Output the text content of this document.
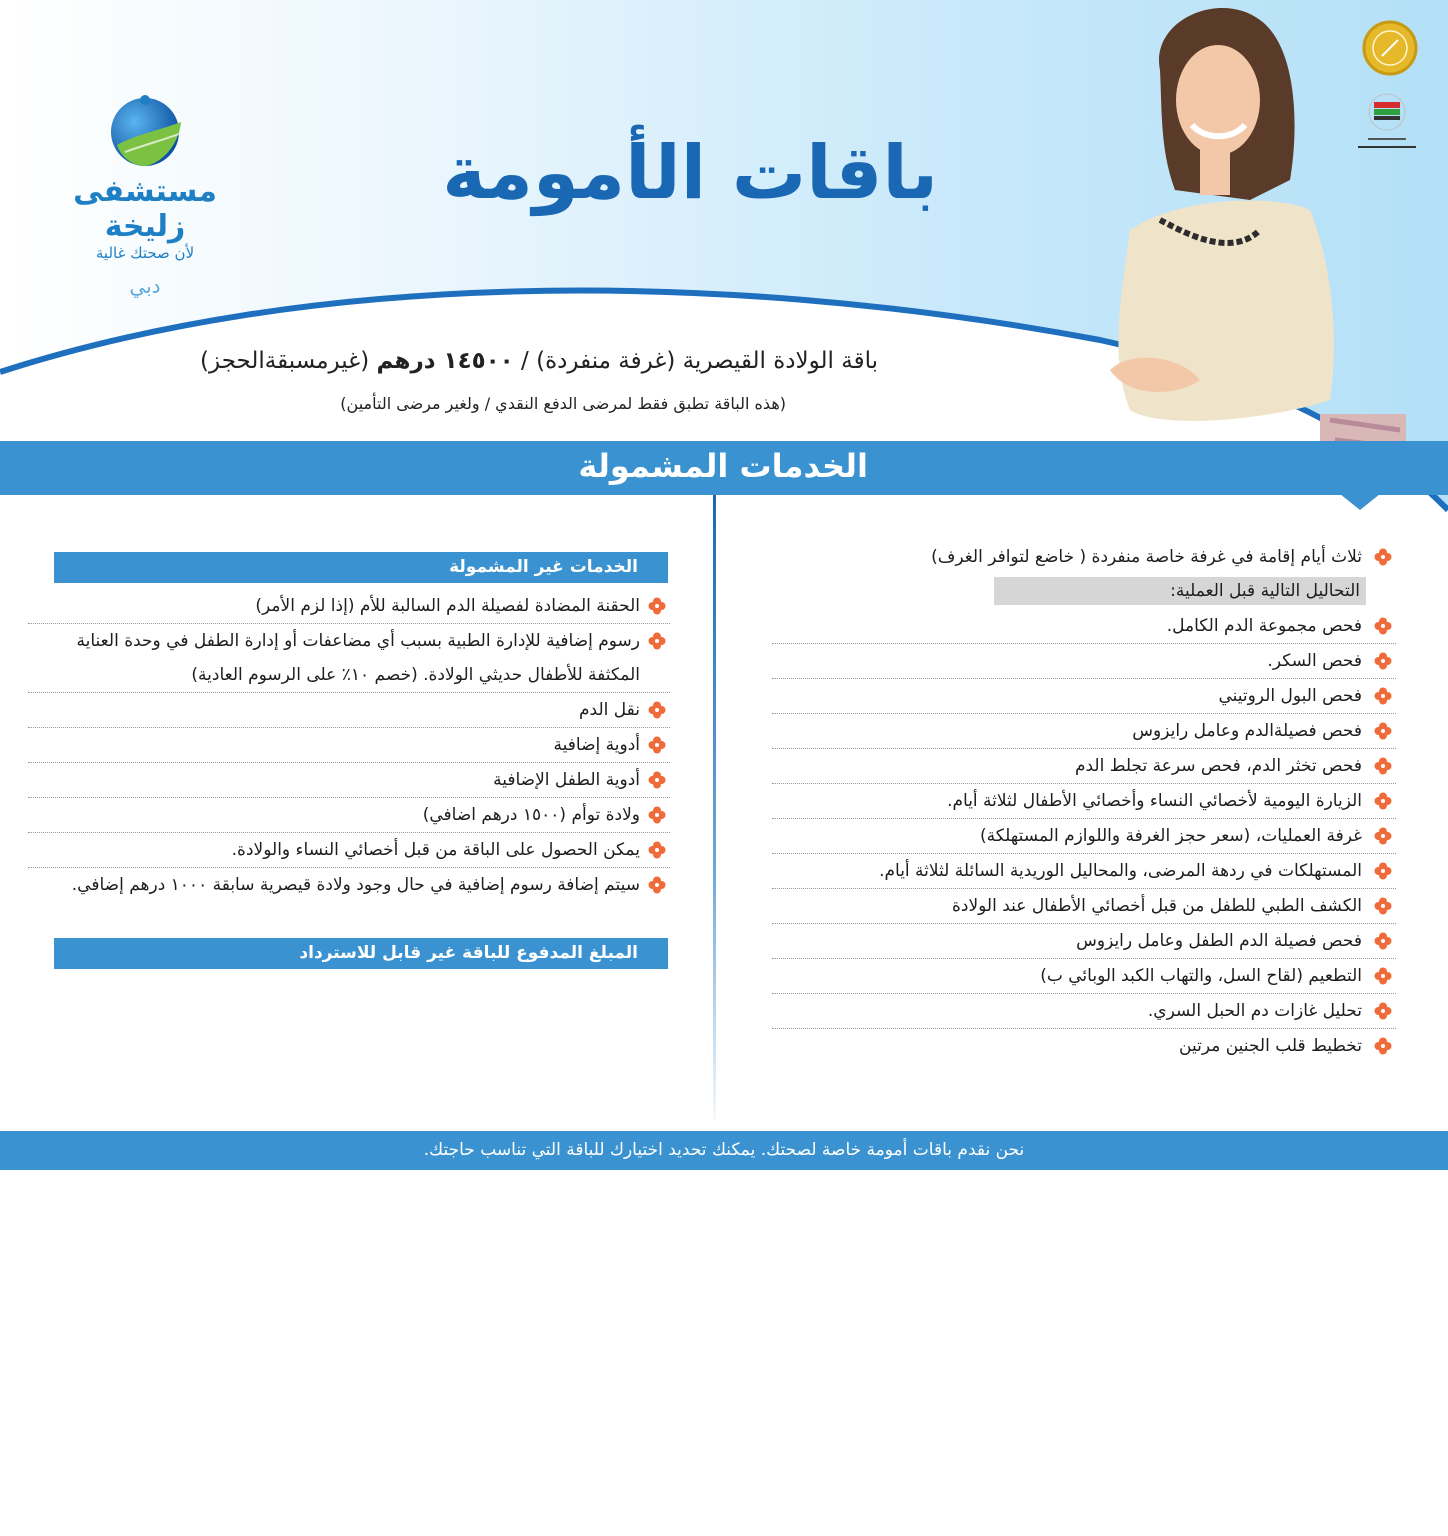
مستشفى زليخة
لأن صحتك غالية
دبي
باقات الأمومة

باقة الولادة القيصرية (غرفة منفردة) / ١٤٥٠٠ درهم (غيرمسبقةالحجز)
(هذه الباقة تطبق فقط لمرضى الدفع النقدي / ولغير مرضى التأمين)
الخدمات المشمولة
ثلاث أيام إقامة في غرفة خاصة منفردة ( خاضع لتوافر الغرف)
التحاليل التالية قبل العملية:
فحص مجموعة الدم الكامل.
فحص السكر.
فحص البول الروتيني
فحص فصيلةالدم وعامل رايزوس
فحص تخثر الدم، فحص سرعة تجلط الدم
الزيارة اليومية لأخصائي النساء وأخصائي الأطفال لثلاثة أيام.
غرفة العمليات، (سعر حجز الغرفة واللوازم المستهلكة)
المستهلكات في ردهة المرضى، والمحاليل الوريدية السائلة لثلاثة أيام.
الكشف الطبي للطفل من قبل أخصائي الأطفال عند الولادة
فحص فصيلة الدم الطفل وعامل رايزوس
التطعيم (لقاح السل، والتهاب الكبد الوبائي ب)
تحليل غازات دم الحبل السري.
تخطيط قلب الجنين مرتين
الخدمات غير المشمولة
الحقنة المضادة لفصيلة الدم السالبة للأم (إذا لزم الأمر)
رسوم إضافية للإدارة الطبية بسبب أي مضاعفات أو إدارة الطفل في وحدة العناية المكثفة للأطفال حديثي الولادة. (خصم ١٠٪ على الرسوم العادية)
نقل الدم
أدوية إضافية
أدوية الطفل الإضافية
ولادة توأم (١٥٠٠ درهم اضافي)
يمكن الحصول على الباقة من قبل أخصائي النساء والولادة.
سيتم إضافة رسوم إضافية في حال وجود ولادة قيصرية سابقة ١٠٠٠ درهم إضافي.
المبلغ المدفوع للباقة غير قابل للاسترداد
نحن نقدم باقات أمومة خاصة لصحتك. يمكنك تحديد اختيارك للباقة التي تناسب حاجتك.
